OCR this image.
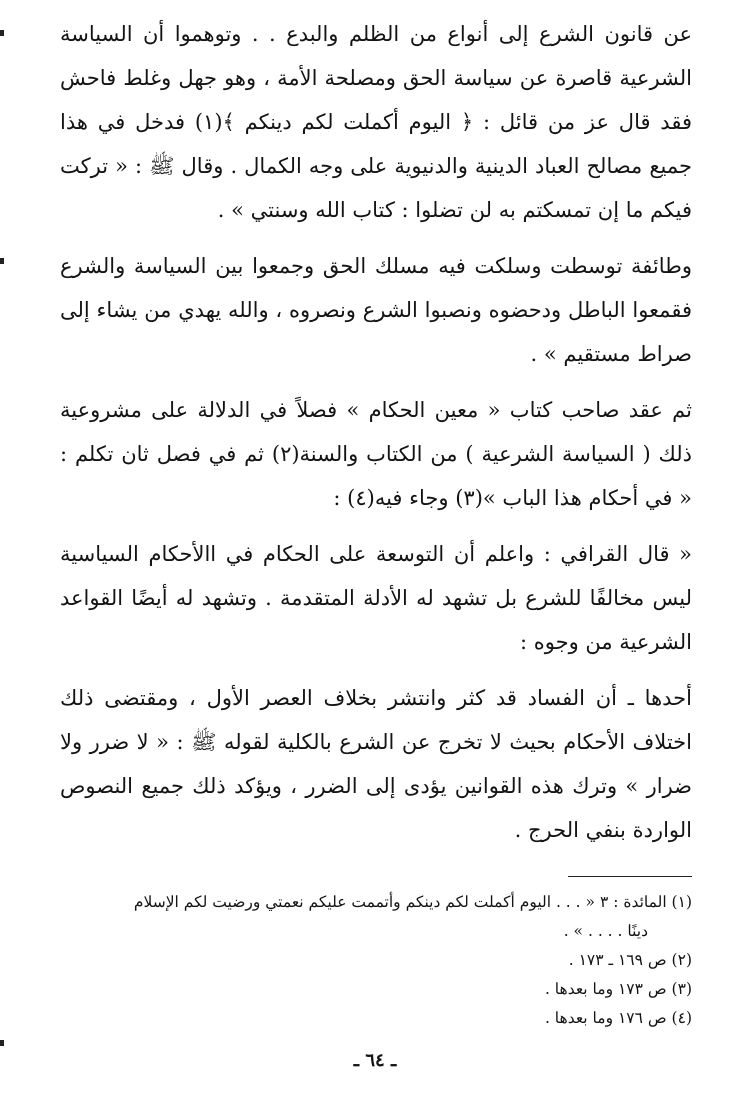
عن قانون الشرع إلى أنواع من الظلم والبدع . . وتوهموا أن السياسة الشرعية قاصرة عن سياسة الحق ومصلحة الأمة ، وهو جهل وغلط فاحش فقد قال عز من قائل : ﴿ اليوم أكملت لكم دينكم ﴾(١) فدخل في هذا جميع مصالح العباد الدينية والدنيوية على وجه الكمال . وقال ﷺ : « تركت فيكم ما إن تمسكتم به لن تضلوا : كتاب الله وسنتي » .

وطائفة توسطت وسلكت فيه مسلك الحق وجمعوا بين السياسة والشرع فقمعوا الباطل ودحضوه ونصبوا الشرع ونصروه ، والله يهدي من يشاء إلى صراط مستقيم » .

ثم عقد صاحب كتاب « معين الحكام » فصلاً في الدلالة على مشروعية ذلك ( السياسة الشرعية ) من الكتاب والسنة(٢) ثم في فصل ثان تكلم : « في أحكام هذا الباب »(٣) وجاء فيه(٤) :

« قال القرافي : واعلم أن التوسعة على الحكام في االأحكام السياسية ليس مخالفًا للشرع بل تشهد له الأدلة المتقدمة . وتشهد له أيضًا القواعد الشرعية من وجوه :

أحدها ـ أن الفساد قد كثر وانتشر بخلاف العصر الأول ، ومقتضى ذلك اختلاف الأحكام بحيث لا تخرج عن الشرع بالكلية لقوله ﷺ : « لا ضرر ولا ضرار » وترك هذه القوانين يؤدى إلى الضرر ، ويؤكد ذلك جميع النصوص الواردة بنفي الحرج .

(١) المائدة : ٣ « . . . اليوم أكملت لكم دينكم وأتممت عليكم نعمتي ورضيت لكم الإسلام

دينًا . . . . » .

(٢) ص ١٦٩ ـ ١٧٣ .

(٣) ص ١٧٣ وما بعدها .

(٤) ص ١٧٦ وما بعدها .

ـ ٦٤ ـ
